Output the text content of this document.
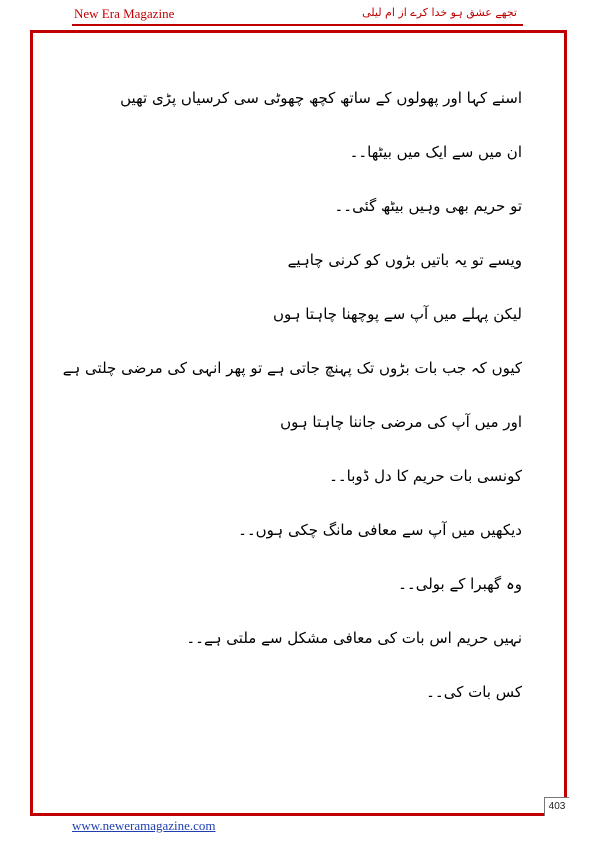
New Era Magazine	تجھے عشق ہو خدا کرے از ام لیلی
اسنے کہا اور پھولوں کے ساتھ کچھ چھوٹی سی کرسیاں پڑی تھیں
ان میں سے ایک میں بیٹھا۔۔
تو حریم بھی وہیں بیٹھ گئی۔۔
ویسے تو یہ باتیں بڑوں کو کرنی چاہیے
لیکن پہلے میں آپ سے پوچھنا چاہتا ہوں
کیوں کہ جب بات بڑوں تک پہنچ جاتی ہے تو پھر انہی کی مرضی چلتی ہے
اور میں آپ کی مرضی جاننا چاہتا ہوں
کونسی بات حریم کا دل ڈوبا۔۔
دیکھیں میں آپ سے معافی مانگ چکی ہوں۔۔
وہ گھبرا کے بولی۔۔
نہیں حریم اس بات کی معافی مشکل سے ملتی ہے۔۔
کس بات کی۔۔
403
www.neweramagazine.com
